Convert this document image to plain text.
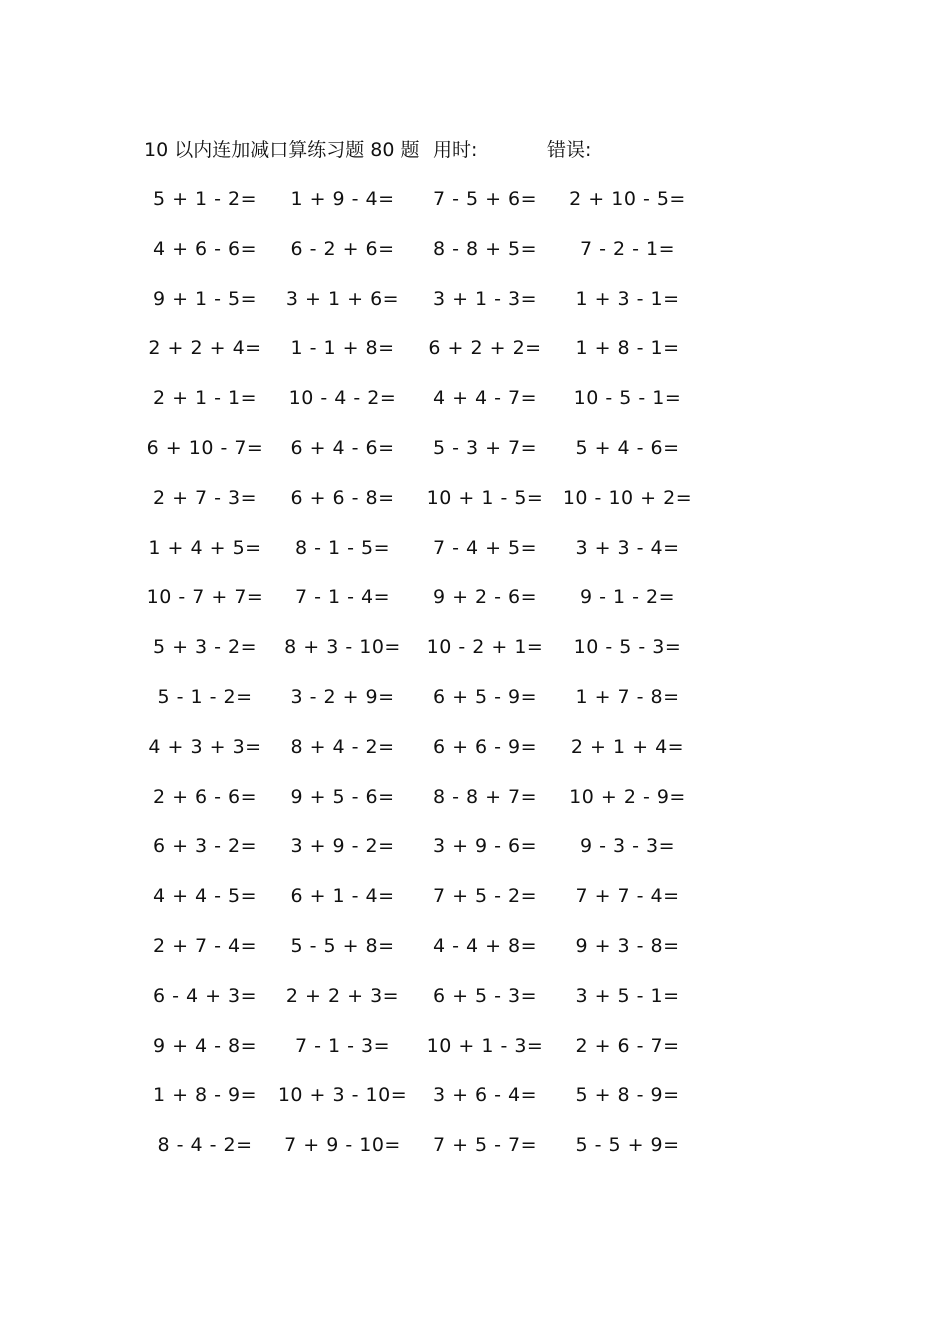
10 以内连加减口算练习题 80 题 用时:	错误:
5 + 1 - 2=	1 + 9 - 4=	7 - 5 + 6=	2 + 10 - 5=
4 + 6 - 6=	6 - 2 + 6=	8 - 8 + 5=	7 - 2 - 1=
9 + 1 - 5=	3 + 1 + 6=	3 + 1 - 3=	1 + 3 - 1=
2 + 2 + 4=	1 - 1 + 8=	6 + 2 + 2=	1 + 8 - 1=
2 + 1 - 1=	10 - 4 - 2=	4 + 4 - 7=	10 - 5 - 1=
6 + 10 - 7=	6 + 4 - 6=	5 - 3 + 7=	5 + 4 - 6=
2 + 7 - 3=	6 + 6 - 8=	10 + 1 - 5=	10 - 10 + 2=
1 + 4 + 5=	8 - 1 - 5=	7 - 4 + 5=	3 + 3 - 4=
10 - 7 + 7=	7 - 1 - 4=	9 + 2 - 6=	9 - 1 - 2=
5 + 3 - 2=	8 + 3 - 10=	10 - 2 + 1=	10 - 5 - 3=
5 - 1 - 2=	3 - 2 + 9=	6 + 5 - 9=	1 + 7 - 8=
4 + 3 + 3=	8 + 4 - 2=	6 + 6 - 9=	2 + 1 + 4=
2 + 6 - 6=	9 + 5 - 6=	8 - 8 + 7=	10 + 2 - 9=
6 + 3 - 2=	3 + 9 - 2=	3 + 9 - 6=	9 - 3 - 3=
4 + 4 - 5=	6 + 1 - 4=	7 + 5 - 2=	7 + 7 - 4=
2 + 7 - 4=	5 - 5 + 8=	4 - 4 + 8=	9 + 3 - 8=
6 - 4 + 3=	2 + 2 + 3=	6 + 5 - 3=	3 + 5 - 1=
9 + 4 - 8=	7 - 1 - 3=	10 + 1 - 3=	2 + 6 - 7=
1 + 8 - 9=	10 + 3 - 10=	3 + 6 - 4=	5 + 8 - 9=
8 - 4 - 2=	7 + 9 - 10=	7 + 5 - 7=	5 - 5 + 9=
